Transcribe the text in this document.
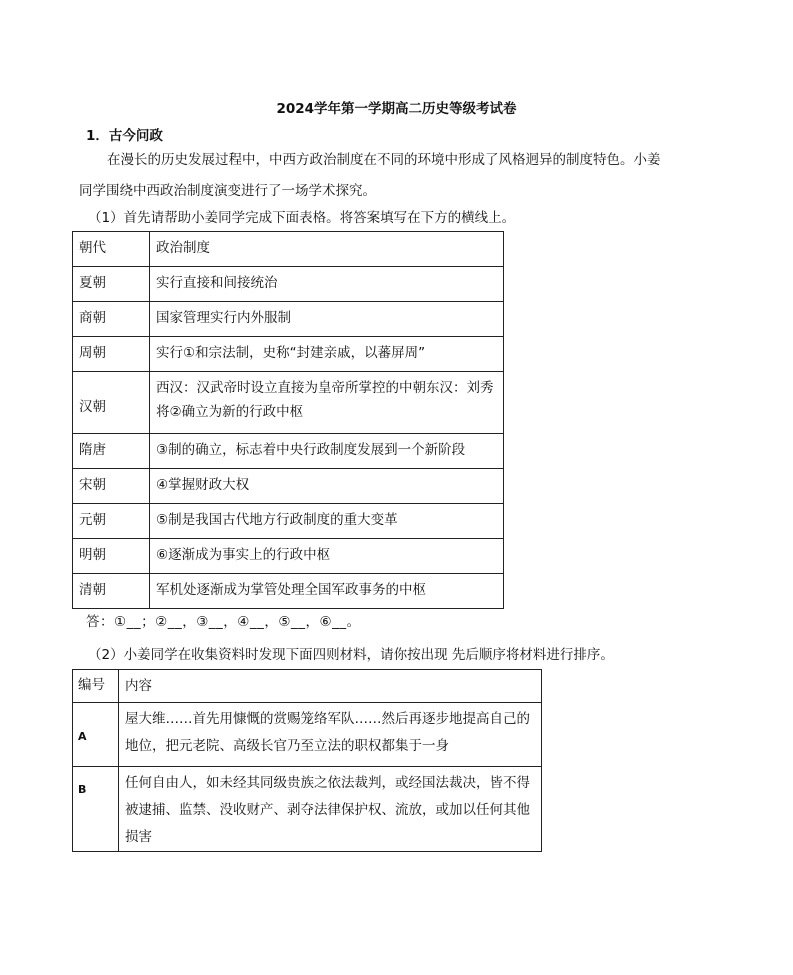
2024学年第一学期高二历史等级考试卷
1．古今问政
在漫长的历史发展过程中，中西方政治制度在不同的环境中形成了风格迥异的制度特色。小姜
同学围绕中西政治制度演变进行了一场学术探究。
（1）首先请帮助小姜同学完成下面表格。将答案填写在下方的横线上。
朝代	政治制度
夏朝	实行直接和间接统治
商朝	国家管理实行内外服制
周朝	实行①和宗法制，史称“封建亲戚，以蕃屏周”
汉朝	西汉：汉武帝时设立直接为皇帝所掌控的中朝东汉：刘秀将②确立为新的行政中枢
隋唐	③制的确立，标志着中央行政制度发展到一个新阶段
宋朝	④掌握财政大权
元朝	⑤制是我国古代地方行政制度的重大变革
明朝	⑥逐渐成为事实上的行政中枢
清朝	军机处逐渐成为掌管处理全国军政事务的中枢
答：①__；②__，③__，④__，⑤__，⑥__。
（2）小姜同学在收集资料时发现下面四则材料，请你按出现 先后顺序将材料进行排序。
编号	内容
A	屋大维……首先用慷慨的赏赐笼络军队……然后再逐步地提高自己的地位，把元老院、高级长官乃至立法的职权都集于一身
B	任何自由人，如未经其同级贵族之依法裁判，或经国法裁决，皆不得被逮捕、监禁、没收财产、剥夺法律保护权、流放，或加以任何其他损害
